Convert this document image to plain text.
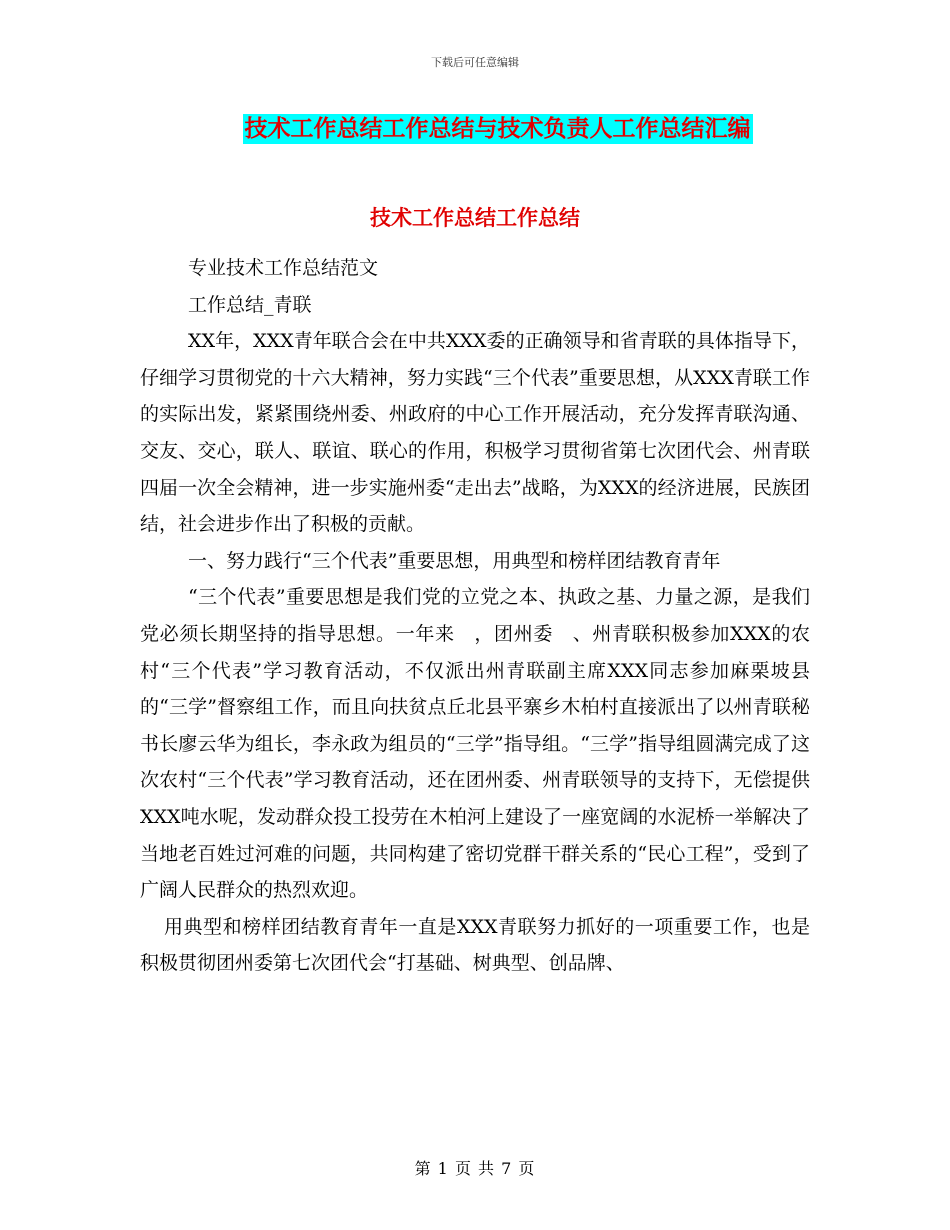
下载后可任意编辑
技术工作总结工作总结与技术负责人工作总结汇编
技术工作总结工作总结

专业技术工作总结范文

工作总结_青联

XX年，XXX青年联合会在中共XXX委的正确领导和省青联的具体指导下，仔细学习贯彻党的十六大精神，努力实践“三个代表”重要思想，从XXX青联工作的实际出发，紧紧围绕州委、州政府的中心工作开展活动，充分发挥青联沟通、交友、交心，联人、联谊、联心的作用，积极学习贯彻省第七次团代会、州青联四届一次全会精神，进一步实施州委“走出去”战略，为XXX的经济进展，民族团结，社会进步作出了积极的贡献。

一、努力践行“三个代表”重要思想，用典型和榜样团结教育青年

“三个代表”重要思想是我们党的立党之本、执政之基、力量之源，是我们党必须长期坚持的指导思想。一年来　，团州委　、州青联积极参加XXX的农村“三个代表”学习教育活动，不仅派出州青联副主席XXX同志参加麻栗坡县的“三学”督察组工作，而且向扶贫点丘北县平寨乡木柏村直接派出了以州青联秘书长廖云华为组长，李永政为组员的“三学”指导组。“三学”指导组圆满完成了这次农村“三个代表”学习教育活动，还在团州委、州青联领导的支持下，无偿提供　XXX吨水呢，发动群众投工投劳在木柏河上建设了一座宽阔的水泥桥一举解决了当地老百姓过河难的问题，共同构建了密切党群干群关系的“民心工程”，受到了广阔人民群众的热烈欢迎。

用典型和榜样团结教育青年一直是XXX青联努力抓好的一项重要工作，也是积极贯彻团州委第七次团代会“打基础、树典型、创品牌、

第 1 页 共 7 页
